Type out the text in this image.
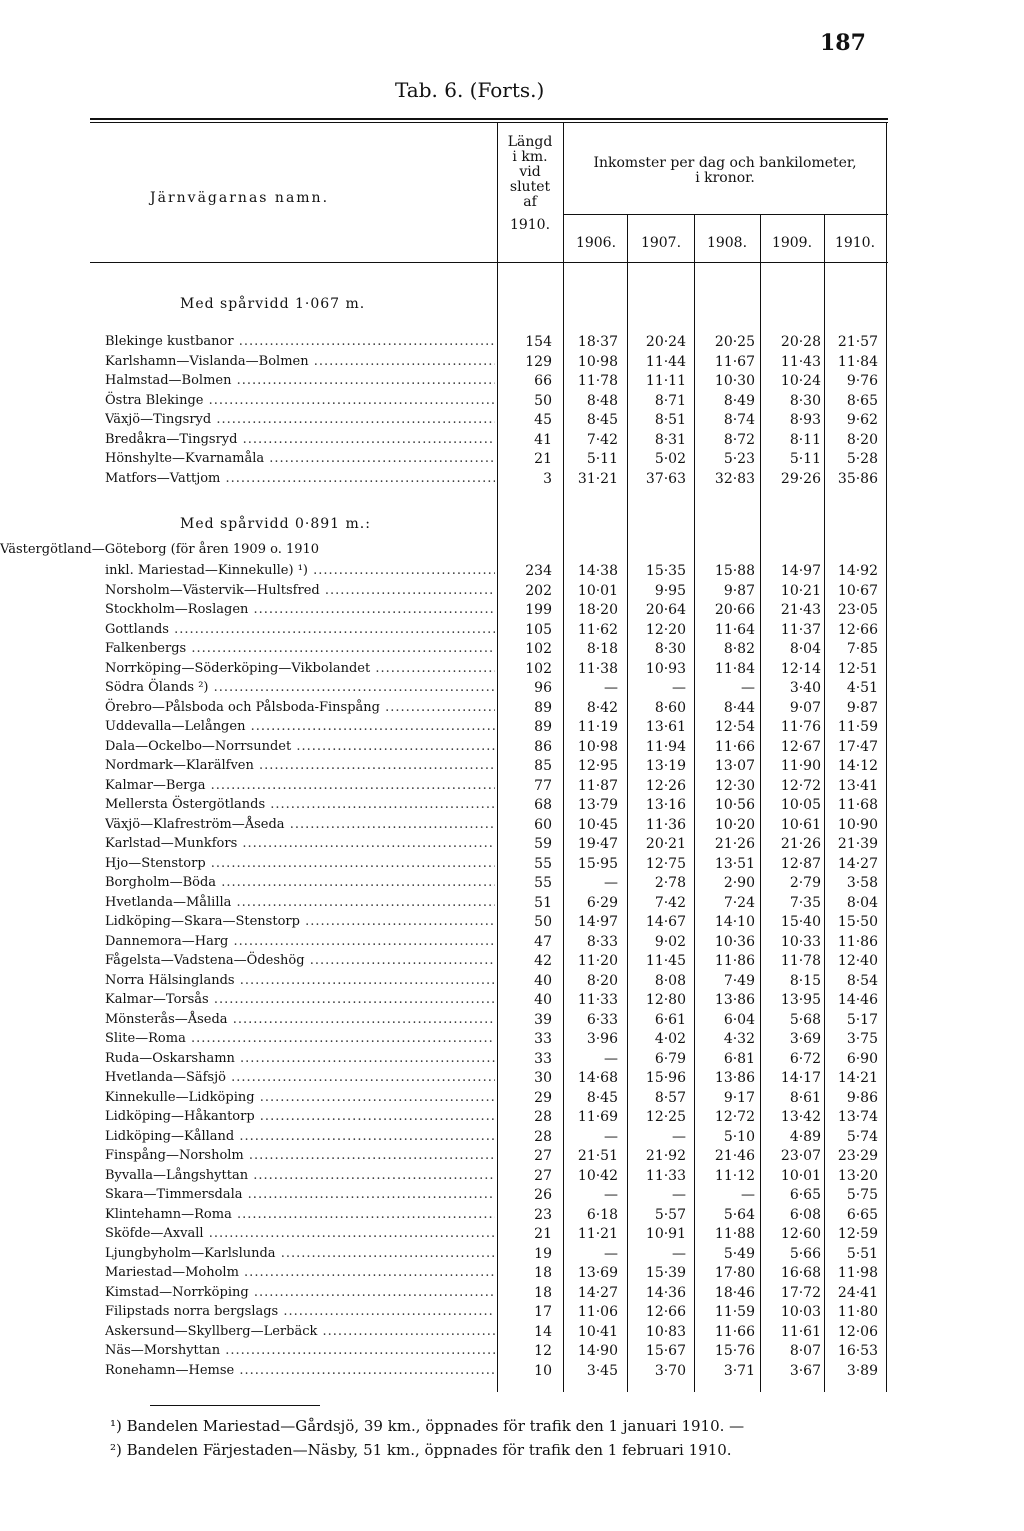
187
Tab. 6. (Forts.)
Järnvägarnas namn.
Längd
i km.
vid
slutet
af
1910.
Inkomster per dag och bankilometer,
i kronor.
1906.	1907.	1908.	1909.	1910.
Med spårvidd 1·067 m.
Med spårvidd 0·891 m.:
Västergötland—Göteborg (för åren 1909 o. 1910
Blekinge kustbanor .....	154	18·37	20·24	20·25	20·28	21·57
Karlshamn—Vislanda—Bolmen .....	129	10·98	11·44	11·67	11·43	11·84
Halmstad—Bolmen .....	66	11·78	11·11	10·30	10·24	9·76
Östra Blekinge .....	50	8·48	8·71	8·49	8·30	8·65
Växjö—Tingsryd .....	45	8·45	8·51	8·74	8·93	9·62
Bredåkra—Tingsryd .....	41	7·42	8·31	8·72	8·11	8·20
Hönshylte—Kvarnamåla .....	21	5·11	5·02	5·23	5·11	5·28
Matfors—Vattjom .....	3	31·21	37·63	32·83	29·26	35·86
inkl. Mariestad—Kinnekulle) ¹) .....	234	14·38	15·35	15·88	14·97	14·92
Norsholm—Västervik—Hultsfred .....	202	10·01	9·95	9·87	10·21	10·67
Stockholm—Roslagen .....	199	18·20	20·64	20·66	21·43	23·05
Gottlands .....	105	11·62	12·20	11·64	11·37	12·66
Falkenbergs .....	102	8·18	8·30	8·82	8·04	7·85
Norrköping—Söderköping—Vikbolandet .....	102	11·38	10·93	11·84	12·14	12·51
Södra Ölands ²) .....	96	—	—	—	3·40	4·51
Örebro—Pålsboda och Pålsboda-Finspång .....	89	8·42	8·60	8·44	9·07	9·87
Uddevalla—Lelången .....	89	11·19	13·61	12·54	11·76	11·59
Dala—Ockelbo—Norrsundet .....	86	10·98	11·94	11·66	12·67	17·47
Nordmark—Klarälfven .....	85	12·95	13·19	13·07	11·90	14·12
Kalmar—Berga .....	77	11·87	12·26	12·30	12·72	13·41
Mellersta Östergötlands .....	68	13·79	13·16	10·56	10·05	11·68
Växjö—Klafreström—Åseda .....	60	10·45	11·36	10·20	10·61	10·90
Karlstad—Munkfors .....	59	19·47	20·21	21·26	21·26	21·39
Hjo—Stenstorp .....	55	15·95	12·75	13·51	12·87	14·27
Borgholm—Böda .....	55	—	2·78	2·90	2·79	3·58
Hvetlanda—Målilla .....	51	6·29	7·42	7·24	7·35	8·04
Lidköping—Skara—Stenstorp .....	50	14·97	14·67	14·10	15·40	15·50
Dannemora—Harg .....	47	8·33	9·02	10·36	10·33	11·86
Fågelsta—Vadstena—Ödeshög .....	42	11·20	11·45	11·86	11·78	12·40
Norra Hälsinglands .....	40	8·20	8·08	7·49	8·15	8·54
Kalmar—Torsås .....	40	11·33	12·80	13·86	13·95	14·46
Mönsterås—Åseda .....	39	6·33	6·61	6·04	5·68	5·17
Slite—Roma .....	33	3·96	4·02	4·32	3·69	3·75
Ruda—Oskarshamn .....	33	—	6·79	6·81	6·72	6·90
Hvetlanda—Säfsjö .....	30	14·68	15·96	13·86	14·17	14·21
Kinnekulle—Lidköping .....	29	8·45	8·57	9·17	8·61	9·86
Lidköping—Håkantorp .....	28	11·69	12·25	12·72	13·42	13·74
Lidköping—Kålland .....	28	—	—	5·10	4·89	5·74
Finspång—Norsholm .....	27	21·51	21·92	21·46	23·07	23·29
Byvalla—Långshyttan .....	27	10·42	11·33	11·12	10·01	13·20
Skara—Timmersdala .....	26	—	—	—	6·65	5·75
Klintehamn—Roma .....	23	6·18	5·57	5·64	6·08	6·65
Sköfde—Axvall .....	21	11·21	10·91	11·88	12·60	12·59
Ljungbyholm—Karlslunda .....	19	—	—	5·49	5·66	5·51
Mariestad—Moholm .....	18	13·69	15·39	17·80	16·68	11·98
Kimstad—Norrköping .....	18	14·27	14·36	18·46	17·72	24·41
Filipstads norra bergslags .....	17	11·06	12·66	11·59	10·03	11·80
Askersund—Skyllberg—Lerbäck .....	14	10·41	10·83	11·66	11·61	12·06
Näs—Morshyttan .....	12	14·90	15·67	15·76	8·07	16·53
Ronehamn—Hemse .....	10	3·45	3·70	3·71	3·67	3·89
¹) Bandelen Mariestad—Gårdsjö, 39 km., öppnades för trafik den 1 januari 1910. —
²) Bandelen Färjestaden—Näsby, 51 km., öppnades för trafik den 1 februari 1910.
